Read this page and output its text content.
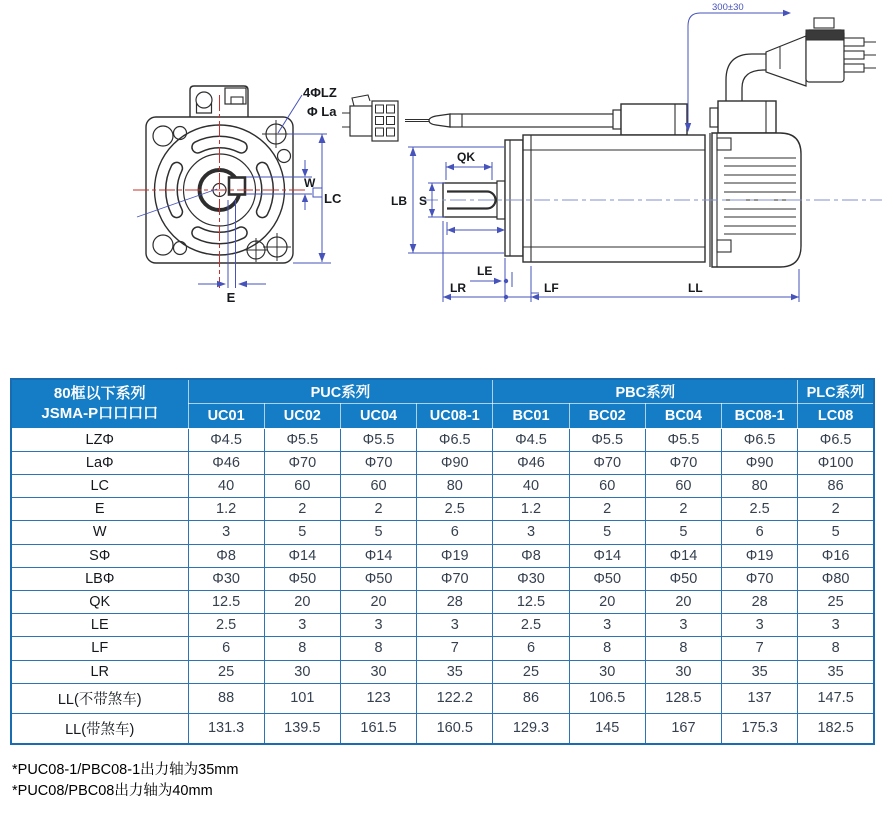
4ΦLZ
Φ La
W
LC
E
QK
LB S
LE
LR	LF	LL
300±30
80框以下系列
JSMA-P口口口口	PUC系列				PBC系列				PLC系列
	UC01	UC02	UC04	UC08-1	BC01	BC02	BC04	BC08-1	LC08
LZΦ	Φ4.5	Φ5.5	Φ5.5	Φ6.5	Φ4.5	Φ5.5	Φ5.5	Φ6.5	Φ6.5
LaΦ	Φ46	Φ70	Φ70	Φ90	Φ46	Φ70	Φ70	Φ90	Φ100
LC	40	60	60	80	40	60	60	80	86
E	1.2	2	2	2.5	1.2	2	2	2.5	2
W	3	5	5	6	3	5	5	6	5
SΦ	Φ8	Φ14	Φ14	Φ19	Φ8	Φ14	Φ14	Φ19	Φ16
LBΦ	Φ30	Φ50	Φ50	Φ70	Φ30	Φ50	Φ50	Φ70	Φ80
QK	12.5	20	20	28	12.5	20	20	28	25
LE	2.5	3	3	3	2.5	3	3	3	3
LF	6	8	8	7	6	8	8	7	8
LR	25	30	30	35	25	30	30	35	35
LL(不带煞车)	88	101	123	122.2	86	106.5	128.5	137	147.5
LL(带煞车)	131.3	139.5	161.5	160.5	129.3	145	167	175.3	182.5
*PUC08-1/PBC08-1出力轴为35mm
*PUC08/PBC08出力轴为40mm
